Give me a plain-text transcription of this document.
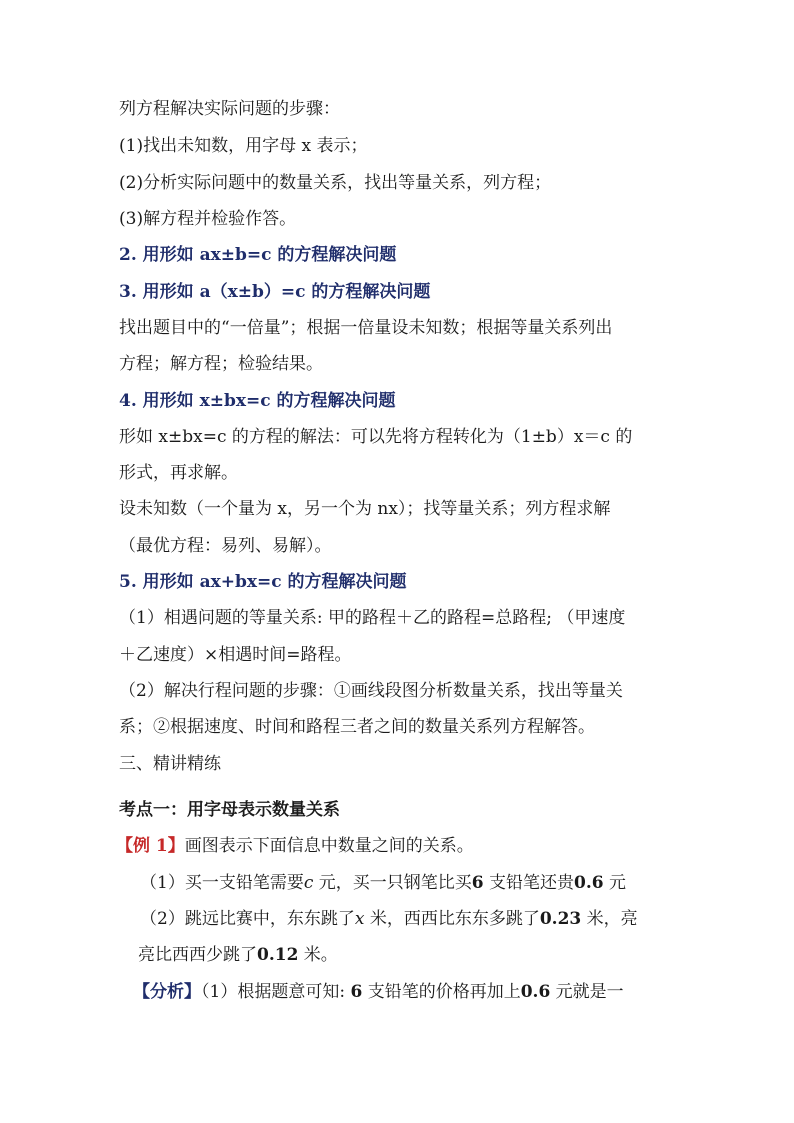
列方程解决实际问题的步骤：
(1)找出未知数，用字母 x 表示；
(2)分析实际问题中的数量关系，找出等量关系，列方程；
(3)解方程并检验作答。
2. 用形如 ax±b=c 的方程解决问题
3. 用形如 a（x±b）=c 的方程解决问题
找出题目中的“一倍量”；根据一倍量设未知数；根据等量关系列出
方程；解方程；检验结果。
4. 用形如 x±bx=c 的方程解决问题
形如 x±bx=c 的方程的解法：可以先将方程转化为（1±b）x＝c 的
形式，再求解。
设未知数（一个量为 x，另一个为 nx）；找等量关系；列方程求解
（最优方程：易列、易解）。
5. 用形如 ax+bx=c 的方程解决问题
（1）相遇问题的等量关系: 甲的路程＋乙的路程=总路程; （甲速度
＋乙速度）×相遇时间=路程。
（2）解决行程问题的步骤：①画线段图分析数量关系，找出等量关
系；②根据速度、时间和路程三者之间的数量关系列方程解答。
三、精讲精练
考点一：用字母表示数量关系
【例 1】画图表示下面信息中数量之间的关系。
（1）买一支铅笔需要c 元，买一只钢笔比买6 支铅笔还贵0.6 元
（2）跳远比赛中，东东跳了x 米，西西比东东多跳了0.23 米，亮
亮比西西少跳了0.12 米。
【分析】（1）根据题意可知: 6 支铅笔的价格再加上0.6 元就是一
